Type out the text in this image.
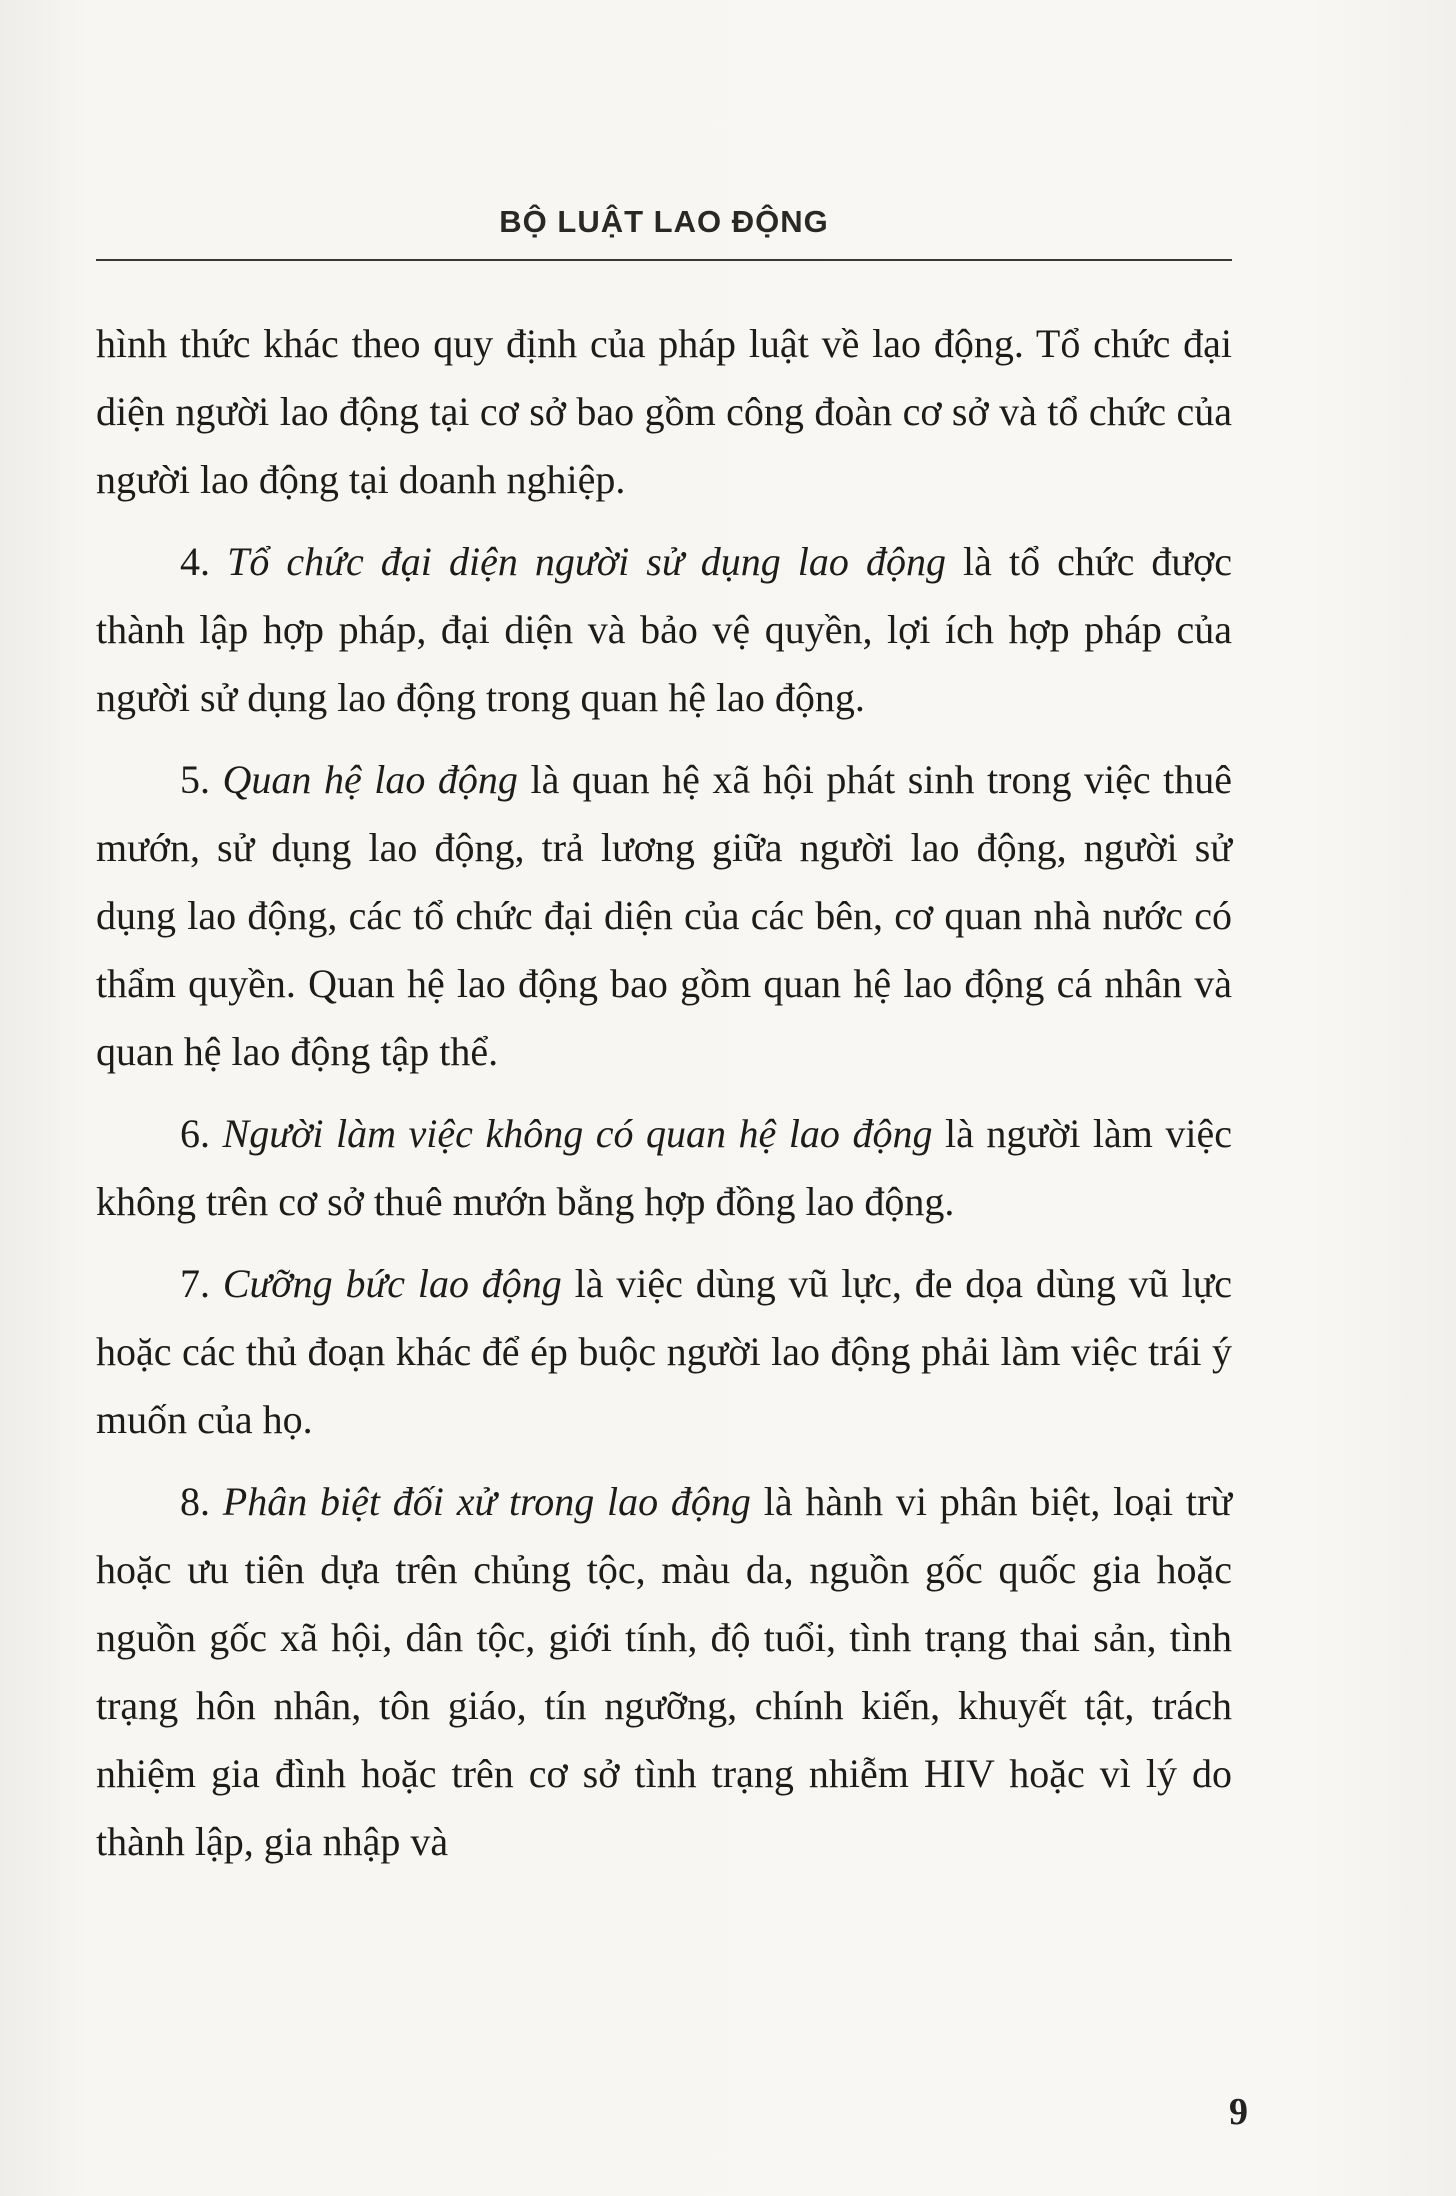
BỘ LUẬT LAO ĐỘNG

hình thức khác theo quy định của pháp luật về lao động. Tổ chức đại diện người lao động tại cơ sở bao gồm công đoàn cơ sở và tổ chức của người lao động tại doanh nghiệp.

4. Tổ chức đại diện người sử dụng lao động là tổ chức được thành lập hợp pháp, đại diện và bảo vệ quyền, lợi ích hợp pháp của người sử dụng lao động trong quan hệ lao động.

5. Quan hệ lao động là quan hệ xã hội phát sinh trong việc thuê mướn, sử dụng lao động, trả lương giữa người lao động, người sử dụng lao động, các tổ chức đại diện của các bên, cơ quan nhà nước có thẩm quyền. Quan hệ lao động bao gồm quan hệ lao động cá nhân và quan hệ lao động tập thể.

6. Người làm việc không có quan hệ lao động là người làm việc không trên cơ sở thuê mướn bằng hợp đồng lao động.

7. Cưỡng bức lao động là việc dùng vũ lực, đe dọa dùng vũ lực hoặc các thủ đoạn khác để ép buộc người lao động phải làm việc trái ý muốn của họ.

8. Phân biệt đối xử trong lao động là hành vi phân biệt, loại trừ hoặc ưu tiên dựa trên chủng tộc, màu da, nguồn gốc quốc gia hoặc nguồn gốc xã hội, dân tộc, giới tính, độ tuổi, tình trạng thai sản, tình trạng hôn nhân, tôn giáo, tín ngưỡng, chính kiến, khuyết tật, trách nhiệm gia đình hoặc trên cơ sở tình trạng nhiễm HIV hoặc vì lý do thành lập, gia nhập và

9
